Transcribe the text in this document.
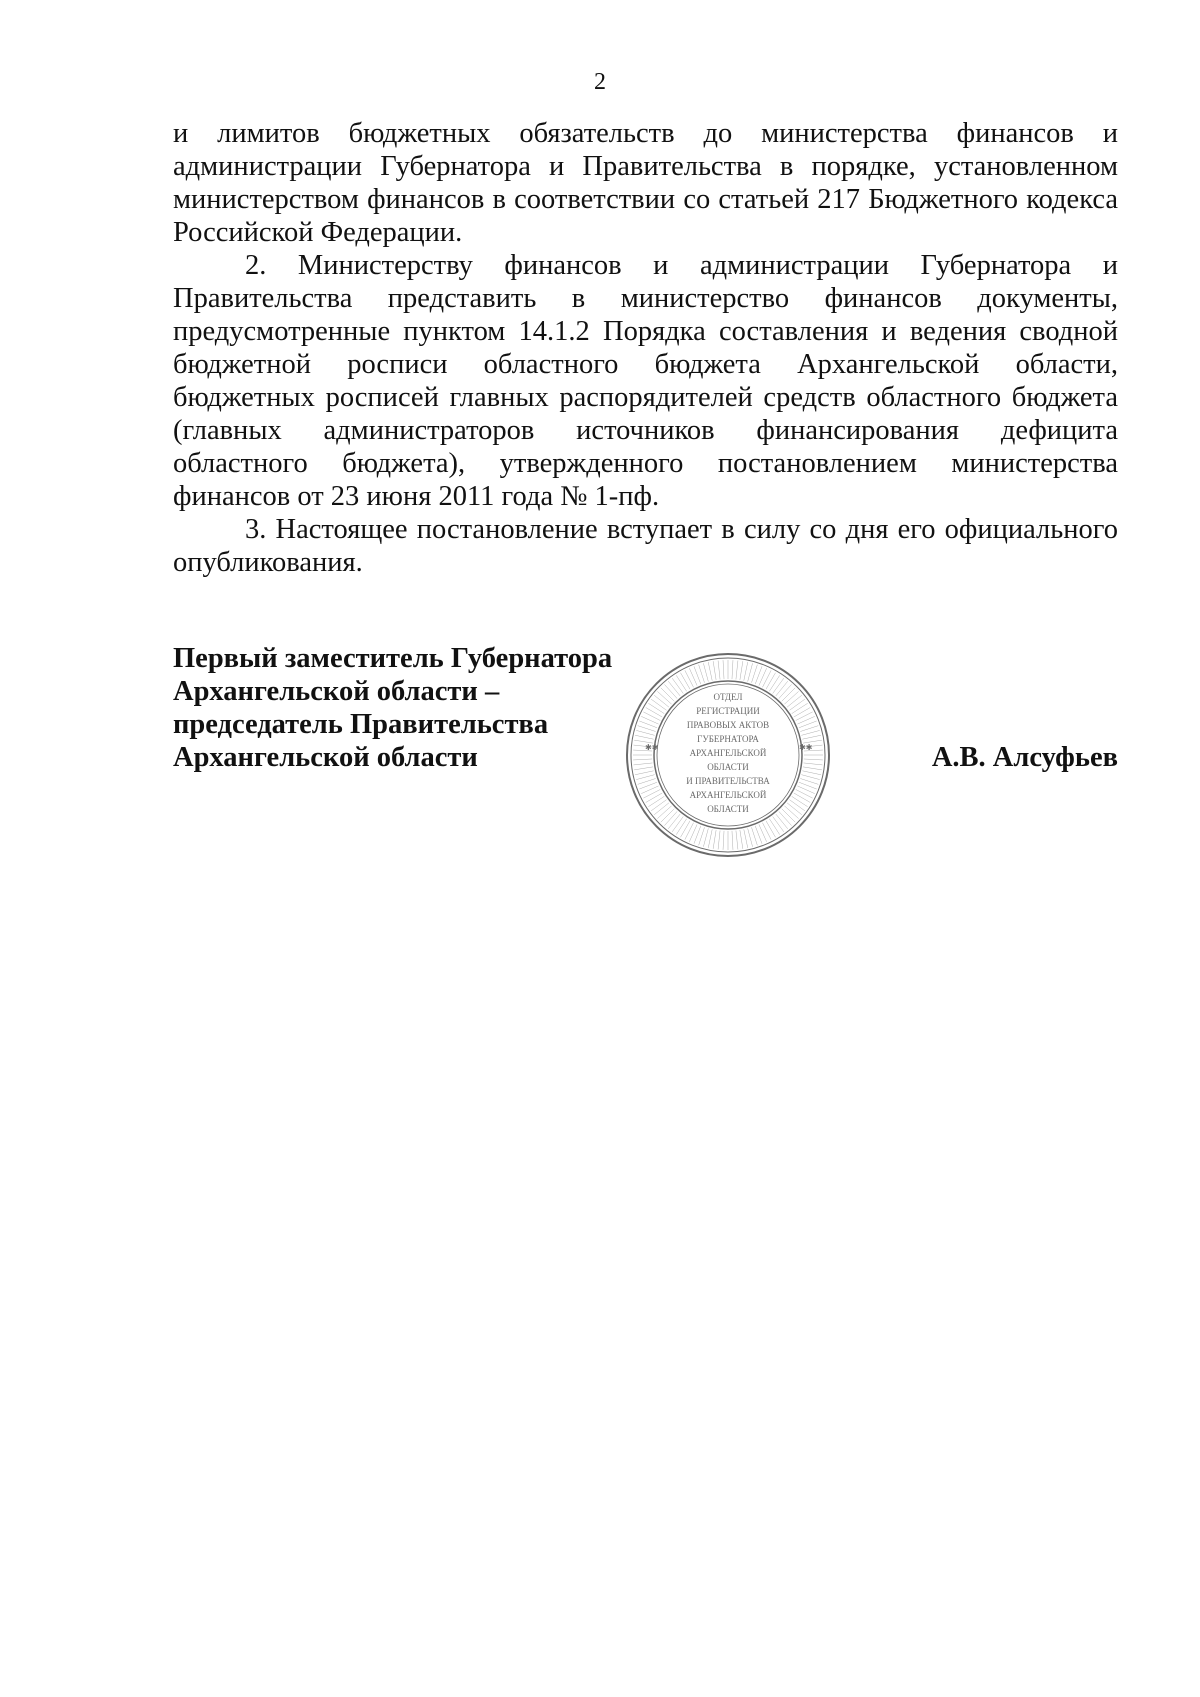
2

и лимитов бюджетных обязательств до министерства финансов и администрации Губернатора и Правительства в порядке, установленном министерством финансов в соответствии со статьей 217 Бюджетного кодекса Российской Федерации.

2. Министерству финансов и администрации Губернатора и Правительства представить в министерство финансов документы, предусмотренные пунктом 14.1.2 Порядка составления и ведения сводной бюджетной росписи областного бюджета Архангельской области, бюджетных росписей главных распорядителей средств областного бюджета (главных администраторов источников финансирования дефицита областного бюджета), утвержденного постановлением министерства финансов от 23 июня 2011 года № 1-пф.

3. Настоящее постановление вступает в силу со дня его официального опубликования.

Первый заместитель Губернатора
Архангельской области –
председатель Правительства
Архангельской области	✱✱	✱✱
ОТДЕЛ
РЕГИСТРАЦИИ
ПРАВОВЫХ АКТОВ
ГУБЕРНАТОРА
АРХАНГЕЛЬСКОЙ
ОБЛАСТИ
И ПРАВИТЕЛЬСТВА
АРХАНГЕЛЬСКОЙ
ОБЛАСТИ
А.В. Алсуфьев
